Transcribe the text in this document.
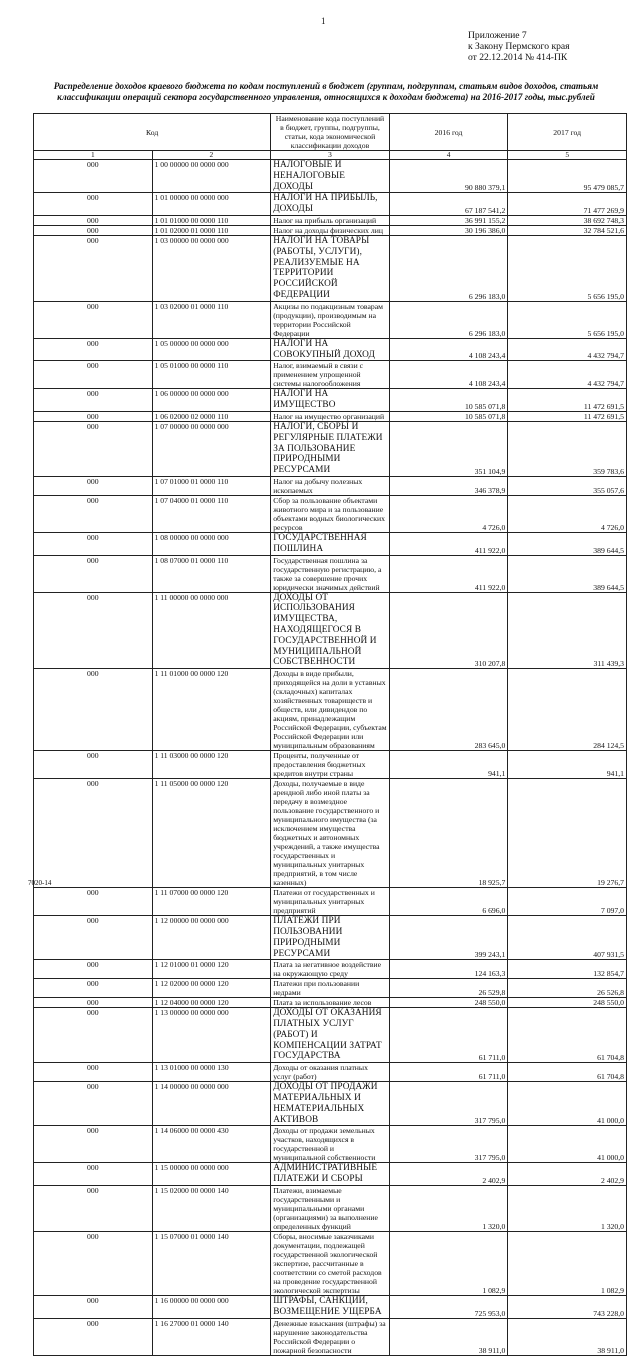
1
Приложение 7
к Закону Пермского края
от 22.12.2014 № 414-ПК
Распределение доходов краевого бюджета по кодам поступлений в бюджет (группам, подгруппам, статьям видов доходов, статьям классификации операций сектора государственного управления, относящихся к доходам бюджета) на 2016-2017 годы, тыс.рублей
Код		Наименование кода поступлений в бюджет, группы, подгруппы, статьи, кода экономической классификации доходов	2016 год	2017 год
1	2	3	4	5
000	1 00 00000 00 0000 000	НАЛОГОВЫЕ И НЕНАЛОГОВЫЕ ДОХОДЫ	90 880 379,1	95 479 085,7
000	1 01 00000 00 0000 000	НАЛОГИ НА ПРИБЫЛЬ, ДОХОДЫ	67 187 541,2	71 477 269,9
000	1 01 01000 00 0000 110	Налог на прибыль организаций	36 991 155,2	38 692 748,3
000	1 01 02000 01 0000 110	Налог на доходы физических лиц	30 196 386,0	32 784 521,6
000	1 03 00000 00 0000 000	НАЛОГИ НА ТОВАРЫ (РАБОТЫ, УСЛУГИ), РЕАЛИЗУЕМЫЕ НА ТЕРРИТОРИИ РОССИЙСКОЙ ФЕДЕРАЦИИ	6 296 183,0	5 656 195,0
000	1 03 02000 01 0000 110	Акцизы по подакцизным товарам (продукции), производимым на территории Российской Федерации	6 296 183,0	5 656 195,0
000	1 05 00000 00 0000 000	НАЛОГИ НА СОВОКУПНЫЙ ДОХОД	4 108 243,4	4 432 794,7
000	1 05 01000 00 0000 110	Налог, взимаемый в связи с применением упрощенной системы налогообложения	4 108 243,4	4 432 794,7
000	1 06 00000 00 0000 000	НАЛОГИ НА ИМУЩЕСТВО	10 585 071,8	11 472 691,5
000	1 06 02000 02 0000 110	Налог на имущество организаций	10 585 071,8	11 472 691,5
000	1 07 00000 00 0000 000	НАЛОГИ, СБОРЫ И РЕГУЛЯРНЫЕ ПЛАТЕЖИ ЗА ПОЛЬЗОВАНИЕ ПРИРОДНЫМИ РЕСУРСАМИ	351 104,9	359 783,6
000	1 07 01000 01 0000 110	Налог на добычу полезных ископаемых	346 378,9	355 057,6
000	1 07 04000 01 0000 110	Сбор за пользование объектами животного мира и за пользование объектами водных биологических ресурсов	4 726,0	4 726,0
000	1 08 00000 00 0000 000	ГОСУДАРСТВЕННАЯ ПОШЛИНА	411 922,0	389 644,5
000	1 08 07000 01 0000 110	Государственная пошлина за государственную регистрацию, а также за совершение прочих юридически значимых действий	411 922,0	389 644,5
000	1 11 00000 00 0000 000	ДОХОДЫ ОТ ИСПОЛЬЗОВАНИЯ ИМУЩЕСТВА, НАХОДЯЩЕГОСЯ В ГОСУДАРСТВЕННОЙ И МУНИЦИПАЛЬНОЙ СОБСТВЕННОСТИ	310 207,8	311 439,3
000	1 11 01000 00 0000 120	Доходы в виде прибыли, приходящейся на доли в уставных (складочных) капиталах хозяйственных товариществ и обществ, или дивидендов по акциям, принадлежащим Российской Федерации, субъектам Российской Федерации или муниципальным образованиям	283 645,0	284 124,5
000	1 11 03000 00 0000 120	Проценты, полученные от предоставления бюджетных кредитов внутри страны	941,1	941,1
000	1 11 05000 00 0000 120	Доходы, получаемые в виде арендной либо иной платы за передачу в возмездное пользование государственного и муниципального имущества (за исключением имущества бюджетных и автономных учреждений, а также имущества государственных и муниципальных унитарных предприятий, в том числе казенных)	18 925,7	19 276,7
000	1 11 07000 00 0000 120	Платежи от государственных и муниципальных унитарных предприятий	6 696,0	7 097,0
000	1 12 00000 00 0000 000	ПЛАТЕЖИ ПРИ ПОЛЬЗОВАНИИ ПРИРОДНЫМИ РЕСУРСАМИ	399 243,1	407 931,5
000	1 12 01000 01 0000 120	Плата за негативное воздействие на окружающую среду	124 163,3	132 854,7
000	1 12 02000 00 0000 120	Платежи при пользовании недрами	26 529,8	26 526,8
000	1 12 04000 00 0000 120	Плата за использование лесов	248 550,0	248 550,0
000	1 13 00000 00 0000 000	ДОХОДЫ ОТ ОКАЗАНИЯ ПЛАТНЫХ УСЛУГ (РАБОТ) И КОМПЕНСАЦИИ ЗАТРАТ ГОСУДАРСТВА	61 711,0	61 704,8
000	1 13 01000 00 0000 130	Доходы от оказания платных услуг (работ)	61 711,0	61 704,8
000	1 14 00000 00 0000 000	ДОХОДЫ ОТ ПРОДАЖИ МАТЕРИАЛЬНЫХ И НЕМАТЕРИАЛЬНЫХ АКТИВОВ	317 795,0	41 000,0
000	1 14 06000 00 0000 430	Доходы от продажи земельных участков, находящихся в государственной и муниципальной собственности	317 795,0	41 000,0
000	1 15 00000 00 0000 000	АДМИНИСТРАТИВНЫЕ ПЛАТЕЖИ И СБОРЫ	2 402,9	2 402,9
000	1 15 02000 00 0000 140	Платежи, взимаемые государственными и муниципальными органами (организациями) за выполнение определенных функций	1 320,0	1 320,0
000	1 15 07000 01 0000 140	Сборы, вносимые заказчиками документации, подлежащей государственной экологической экспертизе, рассчитанные в соответствии со сметой расходов на проведение государственной экологической экспертизы	1 082,9	1 082,9
000	1 16 00000 00 0000 000	ШТРАФЫ, САНКЦИИ, ВОЗМЕЩЕНИЕ УЩЕРБА	725 953,0	743 228,0
000	1 16 27000 01 0000 140	Денежные взыскания (штрафы) за нарушение законодательства Российской Федерации о пожарной безопасности	38 911,0	38 911,0
7020-14
